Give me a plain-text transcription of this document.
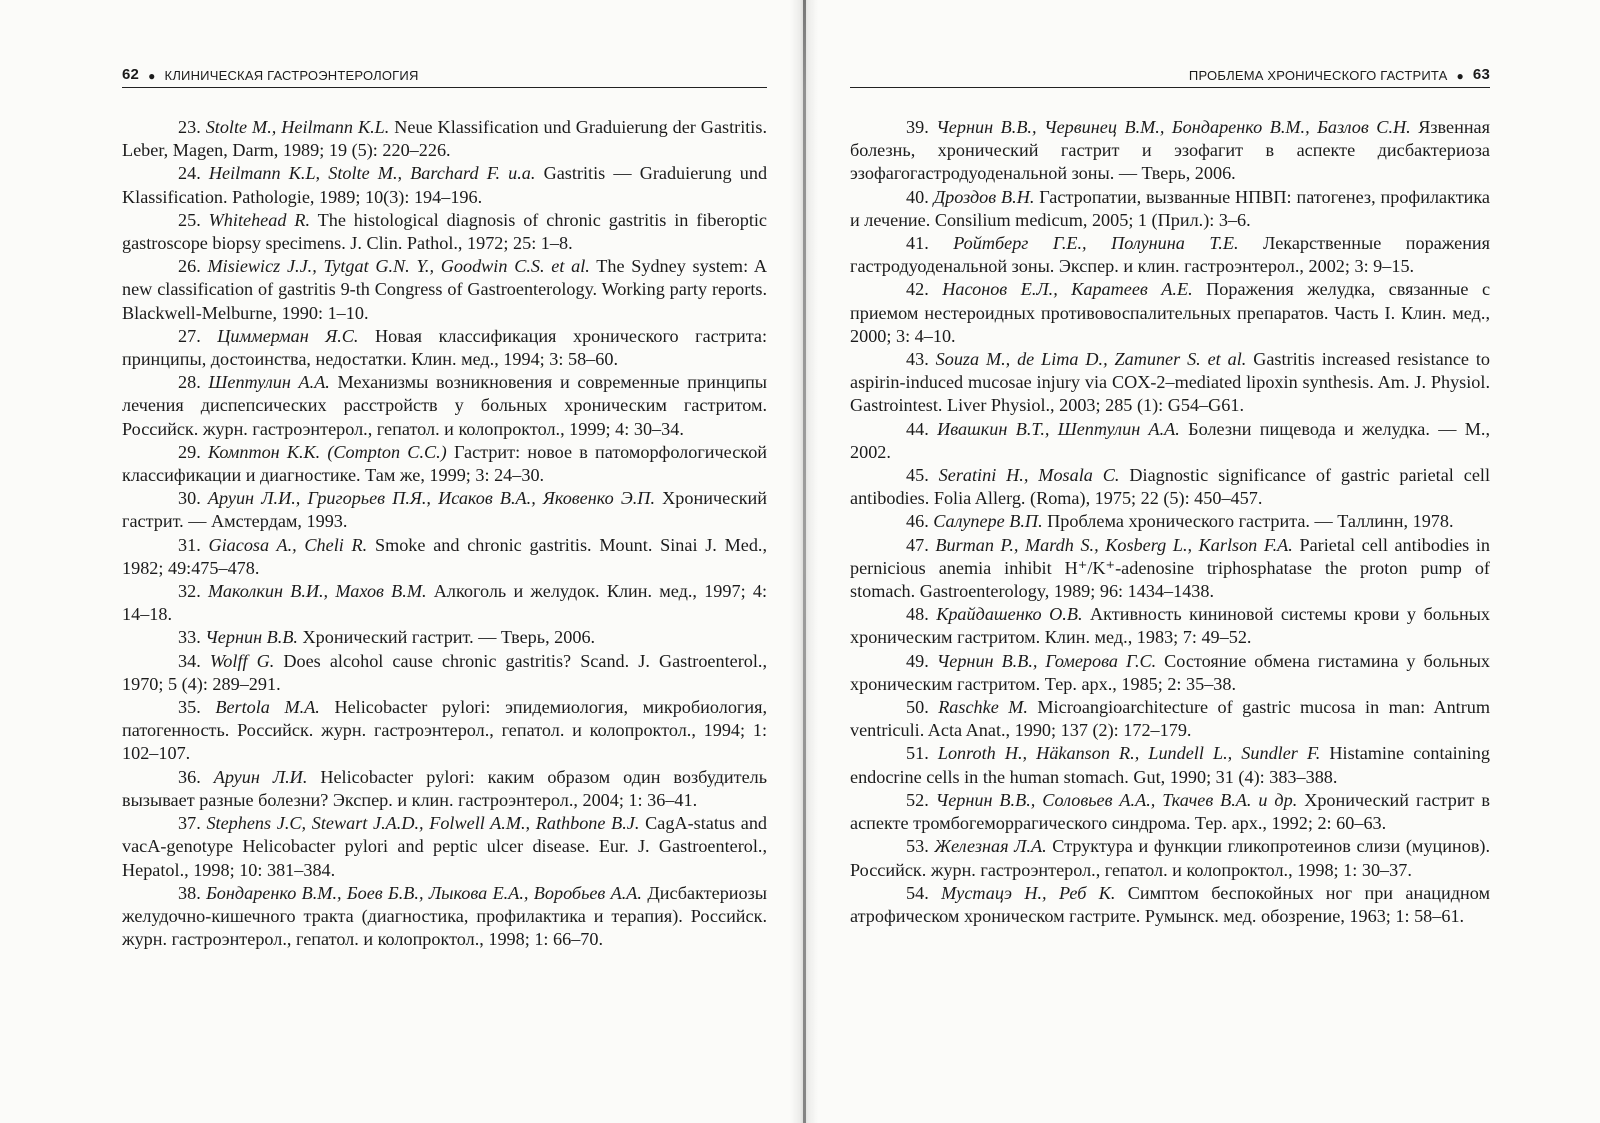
62 ● КЛИНИЧЕСКАЯ ГАСТРОЭНТЕРОЛОГИЯ

23. Stolte M., Heilmann K.L. Neue Klassification und Graduierung der Gastritis. Leber, Magen, Darm, 1989; 19 (5): 220–226.

24. Heilmann K.L, Stolte M., Barchard F. u.a. Gastritis — Graduierung und Klassification. Pathologie, 1989; 10(3): 194–196.

25. Whitehead R. The histological diagnosis of chronic gastritis in fiberoptic gastroscope biopsy specimens. J. Clin. Pathol., 1972; 25: 1–8.

26. Misiewicz J.J., Tytgat G.N. Y., Goodwin C.S. et al. The Sydney system: A new classification of gastritis 9-th Congress of Gastroenterology. Working party reports. Blackwell-Melburne, 1990: 1–10.

27. Циммерман Я.С. Новая классификация хронического гастрита: принципы, достоинства, недостатки. Клин. мед., 1994; 3: 58–60.

28. Шептулин А.А. Механизмы возникновения и современные принципы лечения диспепсических расстройств у больных хроническим гастритом. Российск. журн. гастроэнтерол., гепатол. и колопроктол., 1999; 4: 30–34.

29. Комптон К.К. (Compton С.С.) Гастрит: новое в патоморфологической классификации и диагностике. Там же, 1999; 3: 24–30.

30. Аруин Л.И., Григорьев П.Я., Исаков В.А., Яковенко Э.П. Хронический гастрит. — Амстердам, 1993.

31. Giacosa A., Cheli R. Smoke and chronic gastritis. Mount. Sinai J. Med., 1982; 49:475–478.

32. Маколкин В.И., Махов В.М. Алкоголь и желудок. Клин. мед., 1997; 4: 14–18.

33. Чернин В.В. Хронический гастрит. — Тверь, 2006.

34. Wolff G. Does alcohol cause chronic gastritis? Scand. J. Gastroenterol., 1970; 5 (4): 289–291.

35. Bertola M.A. Helicobacter pylori: эпидемиология, микробиология, патогенность. Российск. журн. гастроэнтерол., гепатол. и колопроктол., 1994; 1: 102–107.

36. Аруин Л.И. Helicobacter pylori: каким образом один возбудитель вызывает разные болезни? Экспер. и клин. гастроэнтерол., 2004; 1: 36–41.

37. Stephens J.C, Stewart J.A.D., Folwell A.M., Rathbone B.J. CagA-status and vacA-genotype Helicobacter pylori and peptic ulcer disease. Eur. J. Gastroenterol., Hepatol., 1998; 10: 381–384.

38. Бондаренко В.М., Боев Б.В., Лыкова Е.А., Воробьев А.А. Дисбактериозы желудочно-кишечного тракта (диагностика, профилактика и терапия). Российск. журн. гастроэнтерол., гепатол. и колопроктол., 1998; 1: 66–70.

ПРОБЛЕМА ХРОНИЧЕСКОГО ГАСТРИТА ● 63

39. Чернин В.В., Червинец В.М., Бондаренко В.М., Базлов С.Н. Язвенная болезнь, хронический гастрит и эзофагит в аспекте дисбактериоза эзофагогастродуоденальной зоны. — Тверь, 2006.

40. Дроздов В.Н. Гастропатии, вызванные НПВП: патогенез, профилактика и лечение. Consilium medicum, 2005; 1 (Прил.): 3–6.

41. Ройтберг Г.Е., Полунина Т.Е. Лекарственные поражения гастродуоденальной зоны. Экспер. и клин. гастроэнтерол., 2002; 3: 9–15.

42. Насонов Е.Л., Каратеев А.Е. Поражения желудка, связанные с приемом нестероидных противовоспалительных препаратов. Часть I. Клин. мед., 2000; 3: 4–10.

43. Souza M., de Lima D., Zamuner S. et al. Gastritis increased resistance to aspirin-induced mucosae injury via COX-2–mediated lipoxin synthesis. Am. J. Physiol. Gastrointest. Liver Physiol., 2003; 285 (1): G54–G61.

44. Ивашкин В.Т., Шептулин А.А. Болезни пищевода и желудка. — М., 2002.

45. Seratini H., Mosala C. Diagnostic significance of gastric parietal cell antibodies. Folia Allerg. (Roma), 1975; 22 (5): 450–457.

46. Салупере В.П. Проблема хронического гастрита. — Таллинн, 1978.

47. Burman P., Mardh S., Kosberg L., Karlson F.A. Parietal cell antibodies in pernicious anemia inhibit H⁺/K⁺-adenosine triphosphatase the proton pump of stomach. Gastroenterology, 1989; 96: 1434–1438.

48. Крайдашенко О.В. Активность кининовой системы крови у больных хроническим гастритом. Клин. мед., 1983; 7: 49–52.

49. Чернин В.В., Гомерова Г.С. Состояние обмена гистамина у больных хроническим гастритом. Тер. арх., 1985; 2: 35–38.

50. Raschke M. Microangioarchitecture of gastric mucosa in man: Antrum ventriculi. Acta Anat., 1990; 137 (2): 172–179.

51. Lonroth H., Häkanson R., Lundell L., Sundler F. Histamine containing endocrine cells in the human stomach. Gut, 1990; 31 (4): 383–388.

52. Чернин В.В., Соловьев А.А., Ткачев В.А. и др. Хронический гастрит в аспекте тромбогеморрагического синдрома. Тер. арх., 1992; 2: 60–63.

53. Железная Л.А. Структура и функции гликопротеинов слизи (муцинов). Российск. журн. гастроэнтерол., гепатол. и колопроктол., 1998; 1: 30–37.

54. Мустацэ Н., Реб К. Симптом беспокойных ног при анацидном атрофическом хроническом гастрите. Румынск. мед. обозрение, 1963; 1: 58–61.
